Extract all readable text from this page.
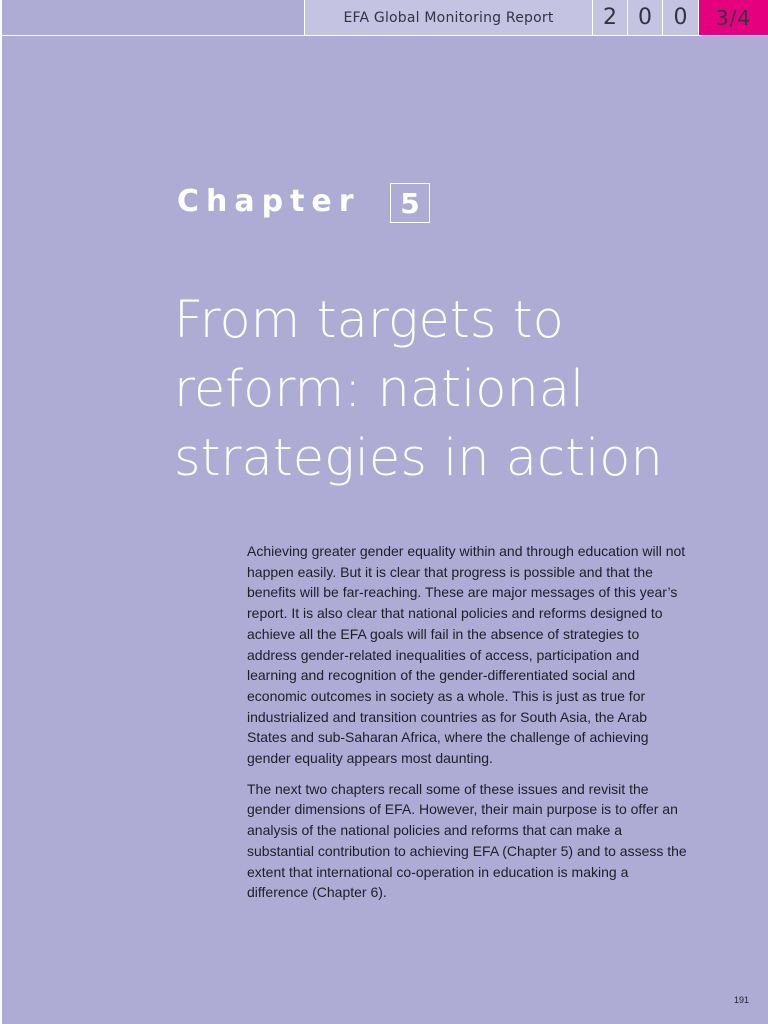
EFA Global Monitoring Report	2 0 0	3/4
Chapter	5
From targets to
reform: national
strategies in action

Achieving greater gender equality within and through education will not happen easily. But it is clear that progress is possible and that the benefits will be far-reaching. These are major messages of this year’s report. It is also clear that national policies and reforms designed to achieve all the EFA goals will fail in the absence of strategies to address gender-related inequalities of access, participation and learning and recognition of the gender-differentiated social and economic outcomes in society as a whole. This is just as true for industrialized and transition countries as for South Asia, the Arab States and sub-Saharan Africa, where the challenge of achieving gender equality appears most daunting.

The next two chapters recall some of these issues and revisit the gender dimensions of EFA. However, their main purpose is to offer an analysis of the national policies and reforms that can make a substantial contribution to achieving EFA (Chapter 5) and to assess the extent that international co-operation in education is making a difference (Chapter 6).

191
